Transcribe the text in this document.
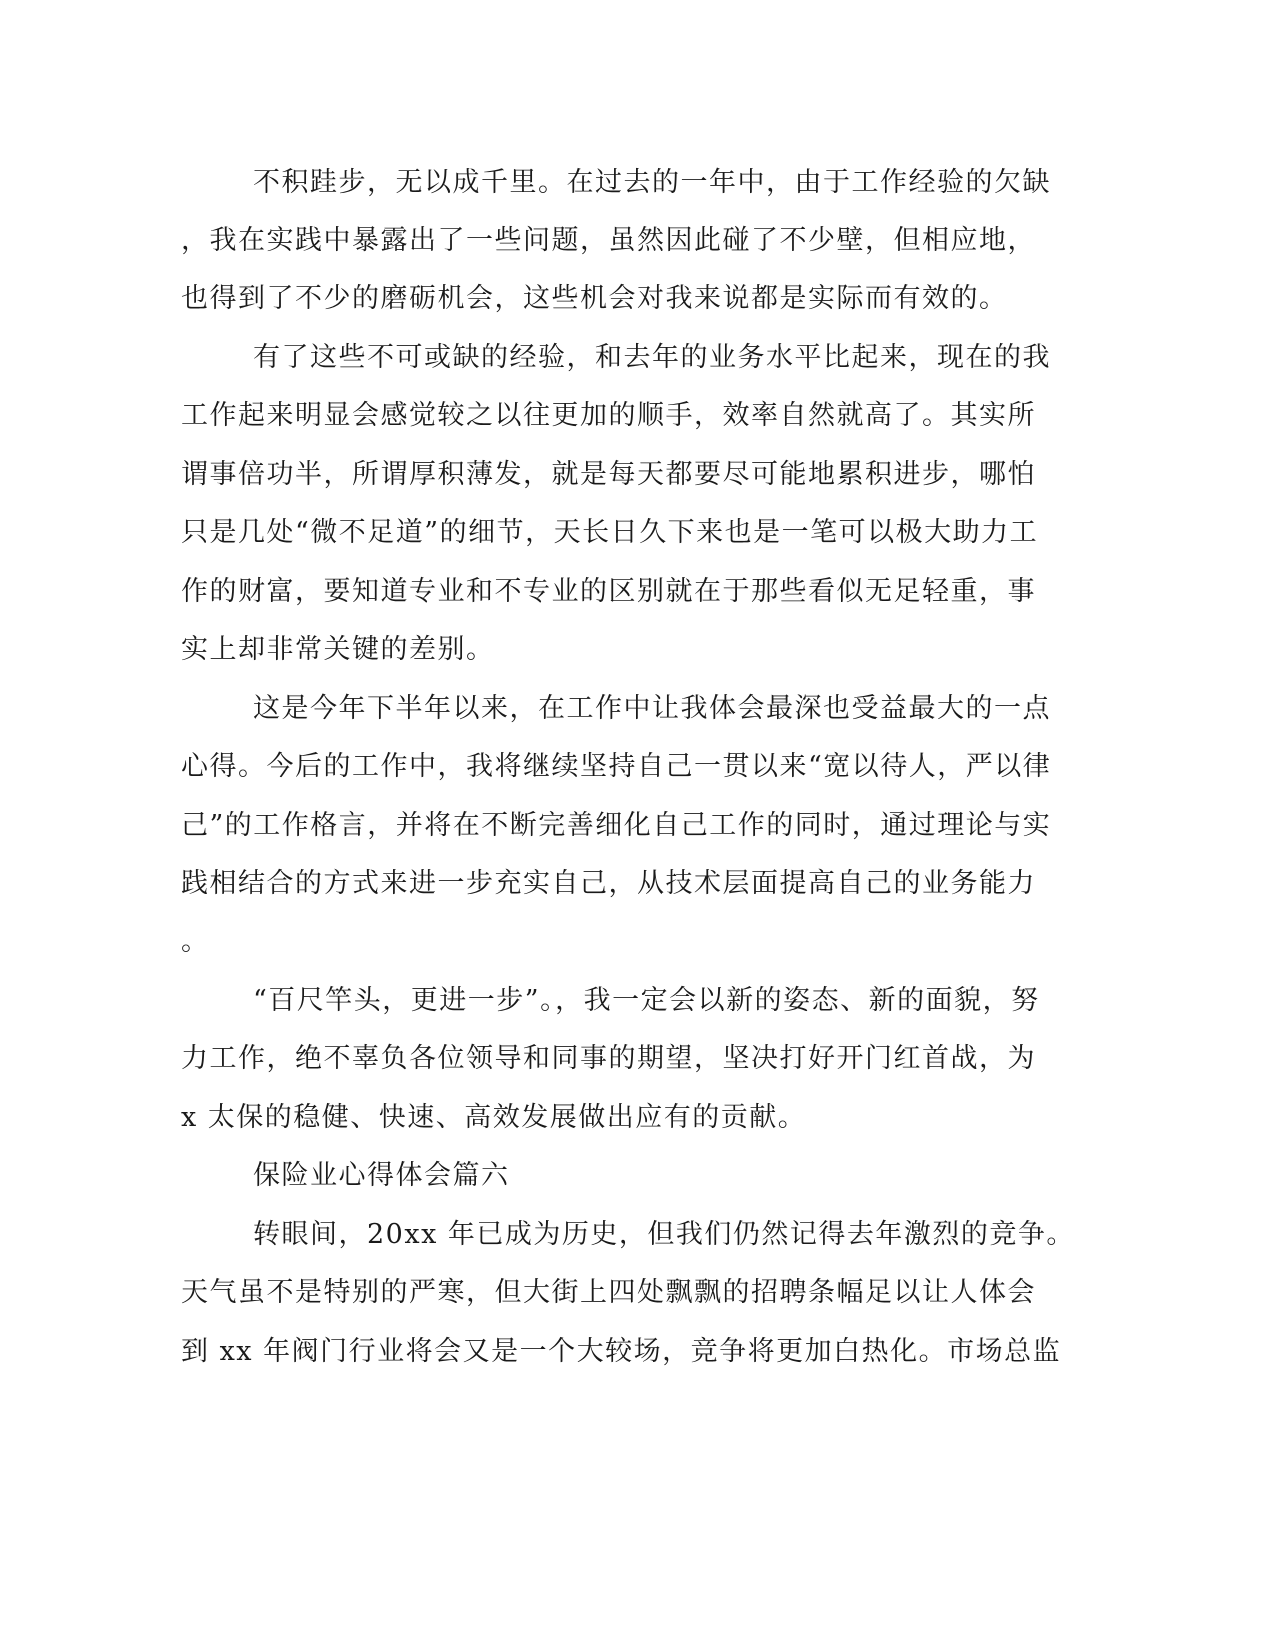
不积跬步，无以成千里。在过去的一年中，由于工作经验的欠缺

，我在实践中暴露出了一些问题，虽然因此碰了不少壁，但相应地，

也得到了不少的磨砺机会，这些机会对我来说都是实际而有效的。

有了这些不可或缺的经验，和去年的业务水平比起来，现在的我

工作起来明显会感觉较之以往更加的顺手，效率自然就高了。其实所

谓事倍功半，所谓厚积薄发，就是每天都要尽可能地累积进步，哪怕

只是几处“微不足道”的细节，天长日久下来也是一笔可以极大助力工

作的财富，要知道专业和不专业的区别就在于那些看似无足轻重，事

实上却非常关键的差别。

这是今年下半年以来，在工作中让我体会最深也受益最大的一点

心得。今后的工作中，我将继续坚持自己一贯以来“宽以待人，严以律

己”的工作格言，并将在不断完善细化自己工作的同时，通过理论与实

践相结合的方式来进一步充实自己，从技术层面提高自己的业务能力

。

“百尺竿头，更进一步”。，我一定会以新的姿态、新的面貌，努

力工作，绝不辜负各位领导和同事的期望，坚决打好开门红首战，为

x 太保的稳健、快速、高效发展做出应有的贡献。

保险业心得体会篇六

转眼间，20xx 年已成为历史，但我们仍然记得去年激烈的竞争。

天气虽不是特别的严寒，但大街上四处飘飘的招聘条幅足以让人体会

到 xx 年阀门行业将会又是一个大较场，竞争将更加白热化。市场总监
